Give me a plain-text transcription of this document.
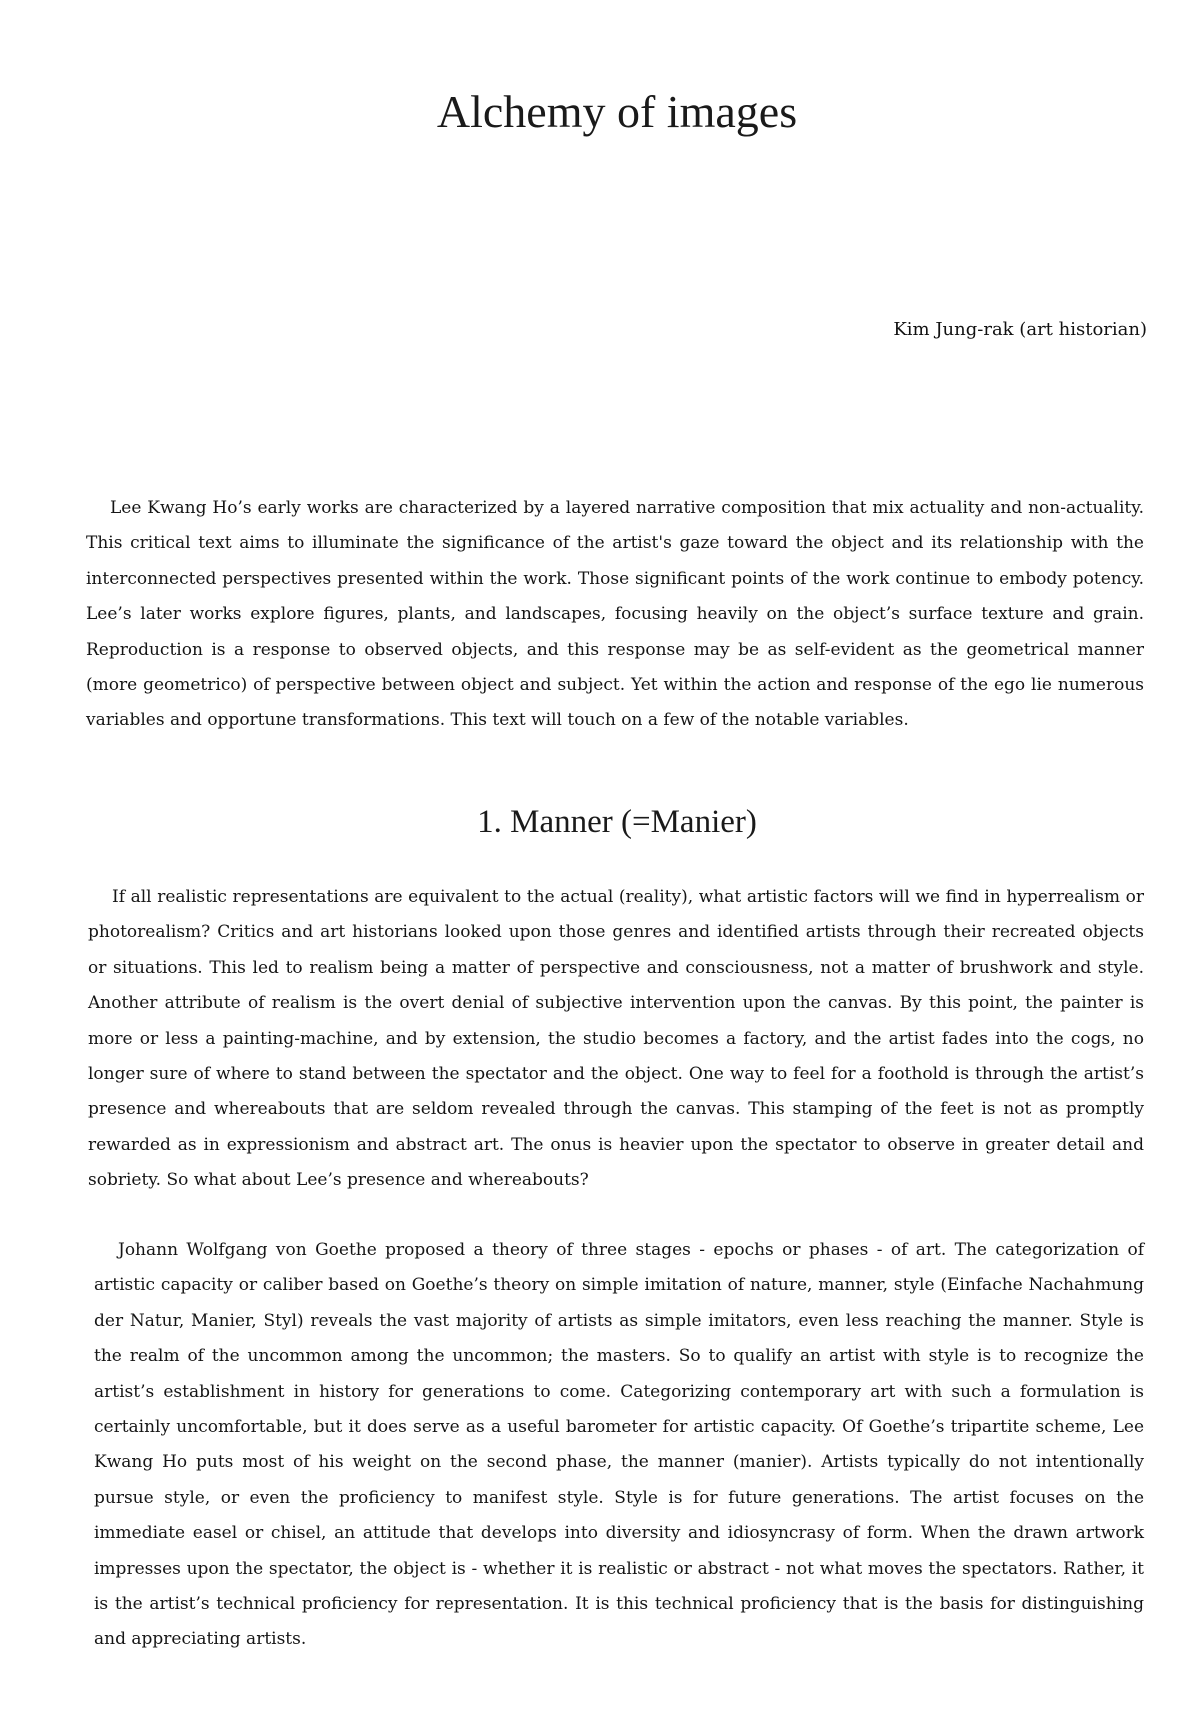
Alchemy of images

Kim Jung-rak (art historian)

Lee Kwang Ho’s early works are characterized by a layered narrative composition that mix actuality and non-actuality. This critical text aims to illuminate the significance of the artist's gaze toward the object and its relationship with the interconnected perspectives presented within the work. Those significant points of the work continue to embody potency. Lee’s later works explore figures, plants, and landscapes, focusing heavily on the object’s surface texture and grain. Reproduction is a response to observed objects, and this response may be as self-evident as the geometrical manner (more geometrico) of perspective between object and subject. Yet within the action and response of the ego lie numerous variables and opportune transformations. This text will touch on a few of the notable variables.

1. Manner (=Manier)

If all realistic representations are equivalent to the actual (reality), what artistic factors will we find in hyperrealism or photorealism? Critics and art historians looked upon those genres and identified artists through their recreated objects or situations. This led to realism being a matter of perspective and consciousness, not a matter of brushwork and style. Another attribute of realism is the overt denial of subjective intervention upon the canvas. By this point, the painter is more or less a painting-machine, and by extension, the studio becomes a factory, and the artist fades into the cogs, no longer sure of where to stand between the spectator and the object. One way to feel for a foothold is through the artist’s presence and whereabouts that are seldom revealed through the canvas. This stamping of the feet is not as promptly rewarded as in expressionism and abstract art. The onus is heavier upon the spectator to observe in greater detail and sobriety. So what about Lee’s presence and whereabouts?

Johann Wolfgang von Goethe proposed a theory of three stages - epochs or phases - of art. The categorization of artistic capacity or caliber based on Goethe’s theory on simple imitation of nature, manner, style (Einfache Nachahmung der Natur, Manier, Styl) reveals the vast majority of artists as simple imitators, even less reaching the manner. Style is the realm of the uncommon among the uncommon; the masters. So to qualify an artist with style is to recognize the artist’s establishment in history for generations to come. Categorizing contemporary art with such a formulation is certainly uncomfortable, but it does serve as a useful barometer for artistic capacity. Of Goethe’s tripartite scheme, Lee Kwang Ho puts most of his weight on the second phase, the manner (manier). Artists typically do not intentionally pursue style, or even the proficiency to manifest style. Style is for future generations. The artist focuses on the immediate easel or chisel, an attitude that develops into diversity and idiosyncrasy of form. When the drawn artwork impresses upon the spectator, the object is - whether it is realistic or abstract - not what moves the spectators. Rather, it is the artist’s technical proficiency for representation. It is this technical proficiency that is the basis for distinguishing and appreciating artists.
